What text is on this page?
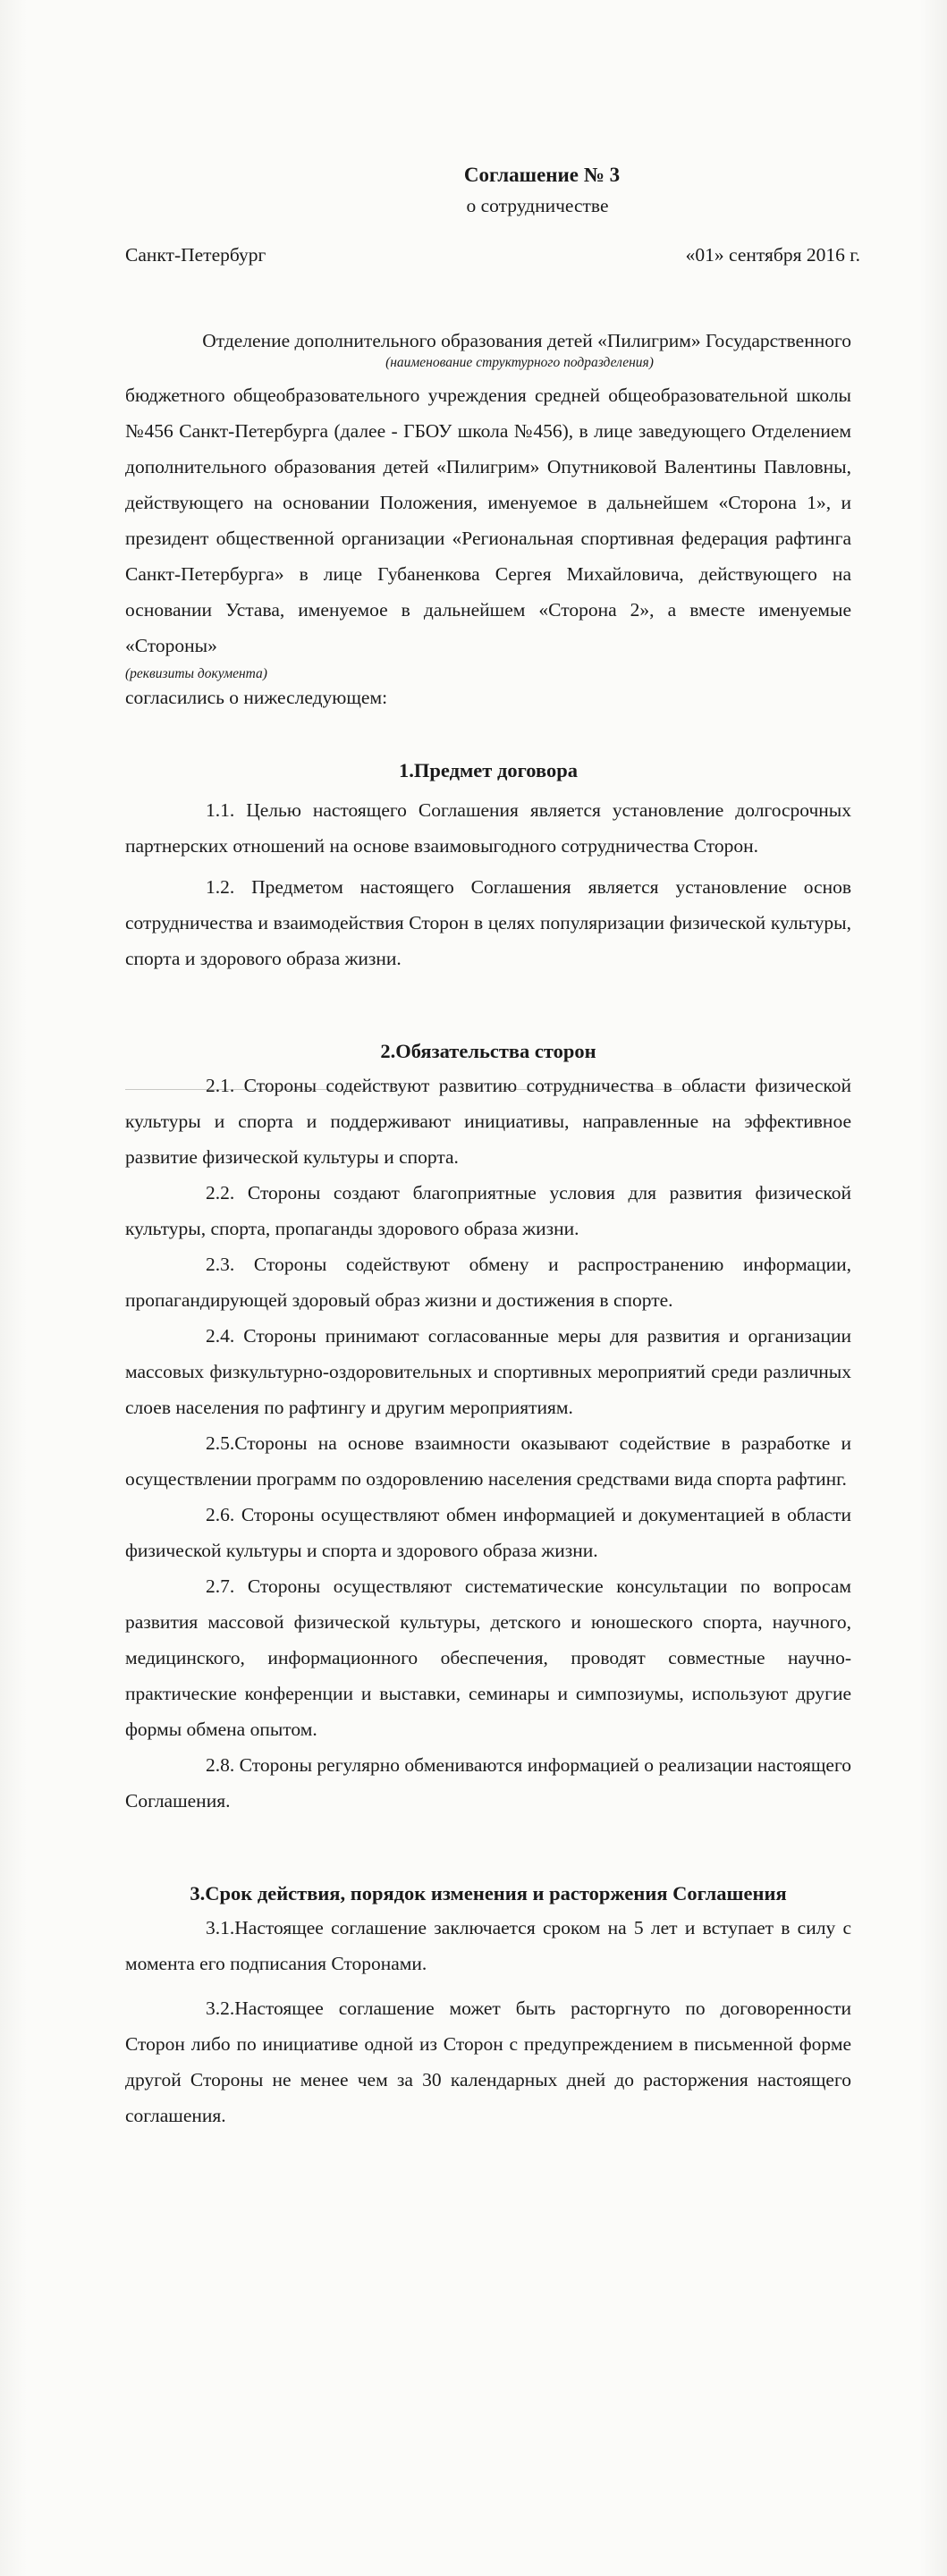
Соглашение № 3
о сотрудничестве
Санкт-Петербург	«01» сентября 2016 г.
Отделение дополнительного образования детей «Пилигрим» Государственного
(наименование структурного подразделения)

бюджетного общеобразовательного учреждения средней общеобразовательной школы №456 Санкт-Петербурга (далее - ГБОУ школа №456), в лице заведующего Отделением дополнительного образования детей «Пилигрим» Опутниковой Валентины Павловны, действующего на основании Положения, именуемое в дальнейшем «Сторона 1», и президент общественной организации «Региональная спортивная федерация рафтинга Санкт-Петербурга» в лице Губаненкова Сергея Михайловича, действующего на основании Устава, именуемое в дальнейшем «Сторона 2», а вместе именуемые «Стороны»

(реквизиты документа)

согласились о нижеследующем:

1.Предмет договора

1.1. Целью настоящего Соглашения является установление долгосрочных партнерских отношений на основе взаимовыгодного сотрудничества Сторон.

1.2. Предметом настоящего Соглашения является установление основ сотрудничества и взаимодействия Сторон в целях популяризации физической культуры, спорта и здорового образа жизни.

2.Обязательства сторон

2.1. Стороны содействуют развитию сотрудничества в области физической культуры и спорта и поддерживают инициативы, направленные на эффективное развитие физической культуры и спорта.

2.2. Стороны создают благоприятные условия для развития физической культуры, спорта, пропаганды здорового образа жизни.

2.3. Стороны содействуют обмену и распространению информации, пропагандирующей здоровый образ жизни и достижения в спорте.

2.4. Стороны принимают согласованные меры для развития и организации массовых физкультурно-оздоровительных и спортивных мероприятий среди различных слоев населения по рафтингу и другим мероприятиям.

2.5.Стороны на основе взаимности оказывают содействие в разработке и осуществлении программ по оздоровлению населения средствами вида спорта рафтинг.

2.6. Стороны осуществляют обмен информацией и документацией в области физической культуры и спорта и здорового образа жизни.

2.7. Стороны осуществляют систематические консультации по вопросам развития массовой физической культуры, детского и юношеского спорта, научного, медицинского, информационного обеспечения, проводят совместные научно-практические конференции и выставки, семинары и симпозиумы, используют другие формы обмена опытом.

2.8. Стороны регулярно обмениваются информацией о реализации настоящего Соглашения.

3.Срок действия, порядок изменения и расторжения Соглашения

3.1.Настоящее соглашение заключается сроком на 5 лет и вступает в силу с момента его подписания Сторонами.

3.2.Настоящее соглашение может быть расторгнуто по договоренности Сторон либо по инициативе одной из Сторон с предупреждением в письменной форме другой Стороны не менее чем за 30 календарных дней до расторжения настоящего соглашения.
